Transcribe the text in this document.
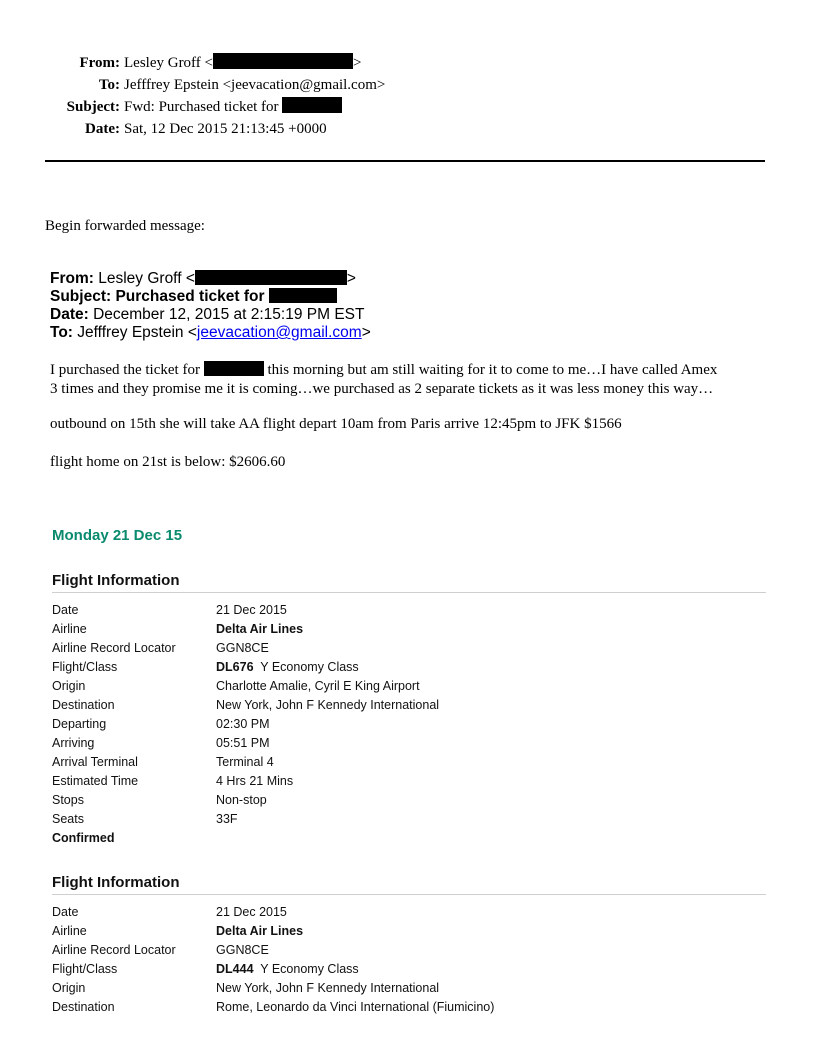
From: Lesley Groff <	>
To: Jefffrey Epstein <jeevacation@gmail.com>
Subject: Fwd: Purchased ticket for
Date: Sat, 12 Dec 2015 21:13:45 +0000
Begin forwarded message:
From: Lesley Groff <	>
Subject: Purchased ticket for
Date: December 12, 2015 at 2:15:19 PM EST
To: Jefffrey Epstein <jeevacation@gmail.com>
I purchased the ticket for	this morning but am still waiting for it to come to me…I have called Amex
3 times and they promise me it is coming…we purchased as 2 separate tickets as it was less money this way…
outbound on 15th she will take AA flight depart 10am from Paris arrive 12:45pm to JFK $1566
flight home on 21st is below: $2606.60
Monday 21 Dec 15
Flight Information
Date	21 Dec 2015
Airline	Delta Air Lines
Airline Record Locator	GGN8CE
Flight/Class	DL676  Y Economy Class
Origin	Charlotte Amalie, Cyril E King Airport
Destination	New York, John F Kennedy International
Departing	02:30 PM
Arriving	05:51 PM
Arrival Terminal	Terminal 4
Estimated Time	4 Hrs 21 Mins
Stops	Non-stop
Seats	33F
Confirmed
Flight Information
Date	21 Dec 2015
Airline	Delta Air Lines
Airline Record Locator	GGN8CE
Flight/Class	DL444  Y Economy Class
Origin	New York, John F Kennedy International
Destination	Rome, Leonardo da Vinci International (Fiumicino)
